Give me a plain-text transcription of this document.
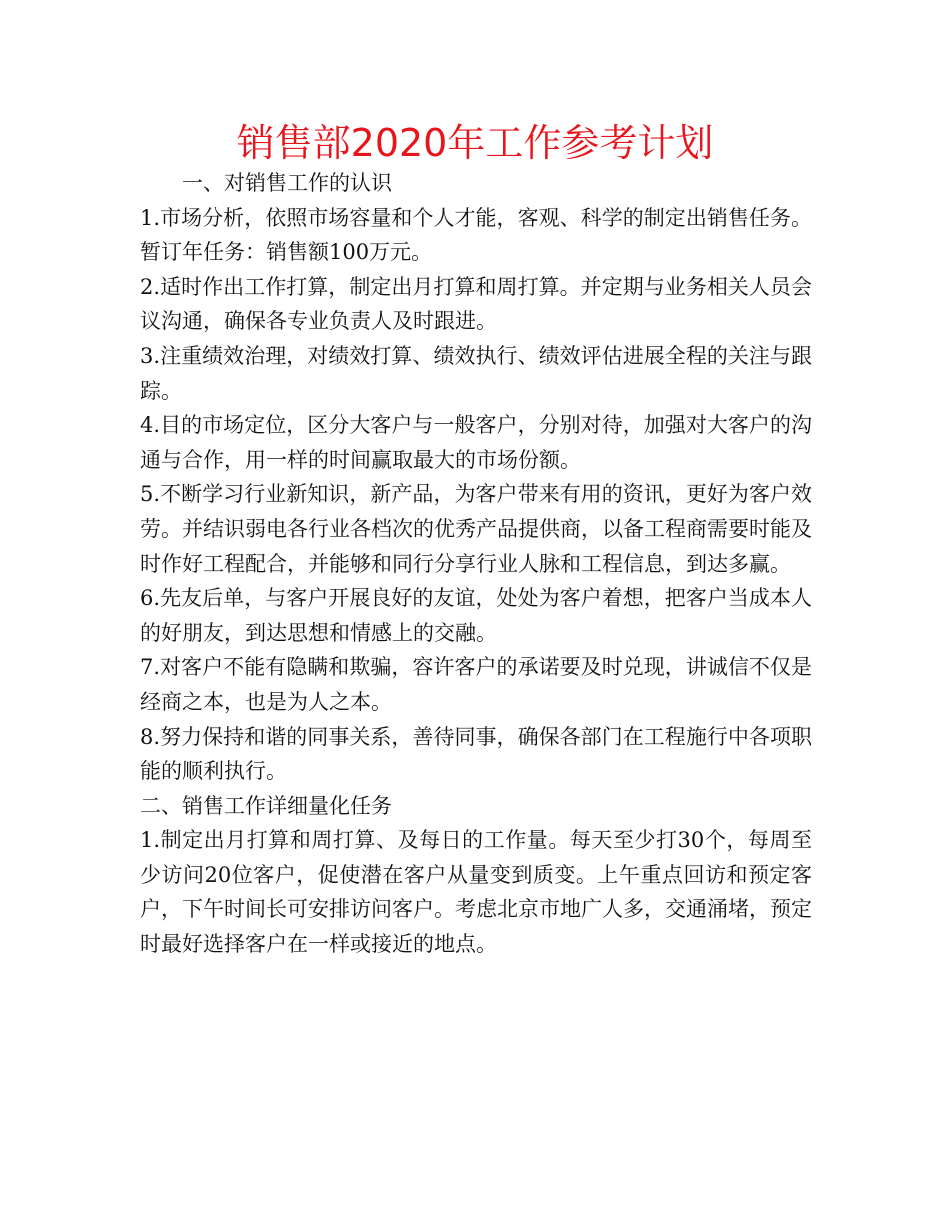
销售部2020年工作参考计划

一、对销售工作的认识

1.市场分析，依照市场容量和个人才能，客观、科学的制定出销售任务。暂订年任务：销售额100万元。

2.适时作出工作打算，制定出月打算和周打算。并定期与业务相关人员会议沟通，确保各专业负责人及时跟进。

3.注重绩效治理，对绩效打算、绩效执行、绩效评估进展全程的关注与跟踪。

4.目的市场定位，区分大客户与一般客户，分别对待，加强对大客户的沟通与合作，用一样的时间赢取最大的市场份额。

5.不断学习行业新知识，新产品，为客户带来有用的资讯，更好为客户效劳。并结识弱电各行业各档次的优秀产品提供商，以备工程商需要时能及时作好工程配合，并能够和同行分享行业人脉和工程信息，到达多赢。

6.先友后单，与客户开展良好的友谊，处处为客户着想，把客户当成本人的好朋友，到达思想和情感上的交融。

7.对客户不能有隐瞒和欺骗，容许客户的承诺要及时兑现，讲诚信不仅是经商之本，也是为人之本。

8.努力保持和谐的同事关系，善待同事，确保各部门在工程施行中各项职能的顺利执行。

二、销售工作详细量化任务

1.制定出月打算和周打算、及每日的工作量。每天至少打30个，每周至少访问20位客户，促使潜在客户从量变到质变。上午重点回访和预定客户，下午时间长可安排访问客户。考虑北京市地广人多，交通涌堵，预定时最好选择客户在一样或接近的地点。
